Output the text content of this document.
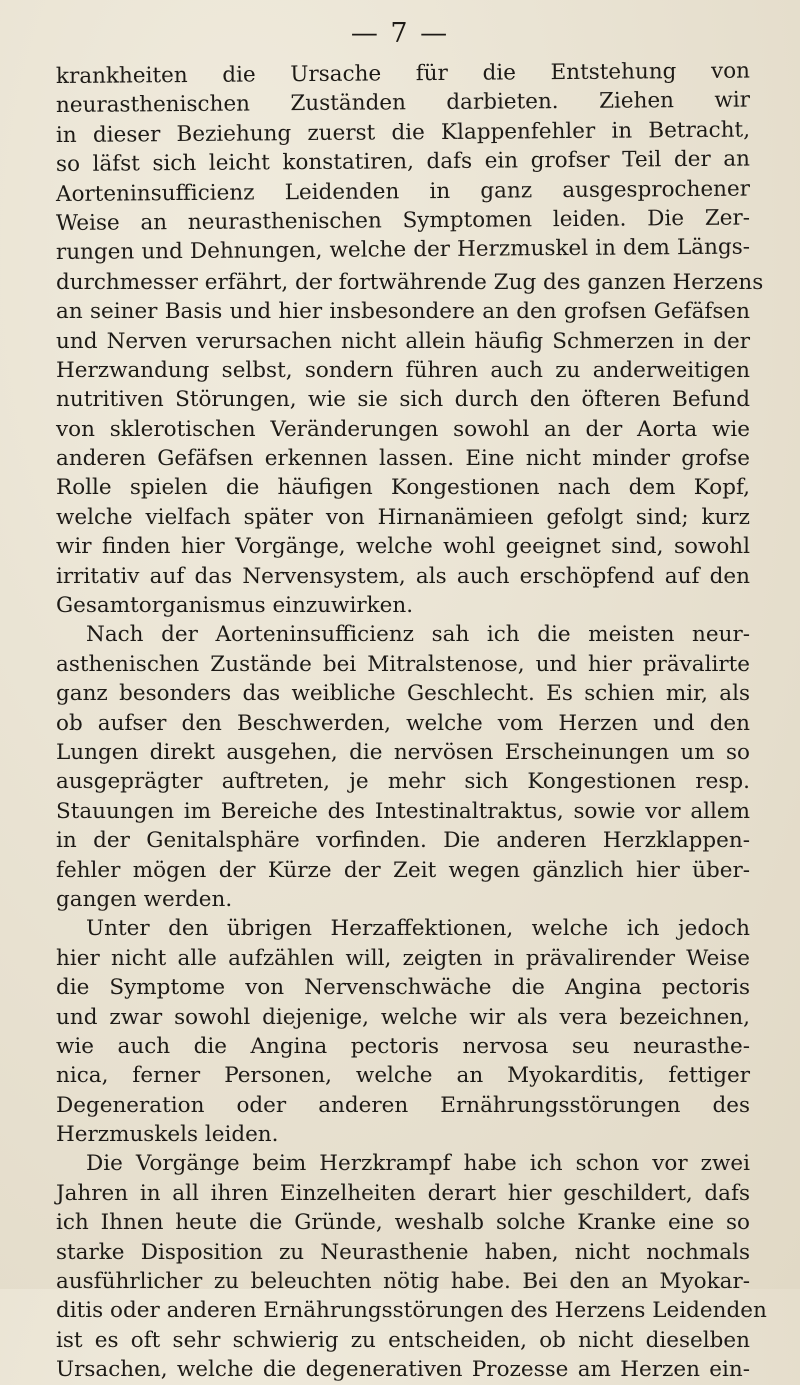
— 7 —
krankheiten die Ursache für die Entstehung von
neurasthenischen Zuständen darbieten. Ziehen wir
in dieser Beziehung zuerst die Klappenfehler in Betracht,
so läfst sich leicht konstatiren, dafs ein grofser Teil der an
Aorteninsufficienz Leidenden in ganz ausgesprochener
Weise an neurasthenischen Symptomen leiden. Die Zer-
rungen und Dehnungen, welche der Herzmuskel in dem Längs-
durchmesser erfährt, der fortwährende Zug des ganzen Herzens
an seiner Basis und hier insbesondere an den grofsen Gefäfsen
und Nerven verursachen nicht allein häufig Schmerzen in der
Herzwandung selbst, sondern führen auch zu anderweitigen
nutritiven Störungen, wie sie sich durch den öfteren Befund
von sklerotischen Veränderungen sowohl an der Aorta wie
anderen Gefäfsen erkennen lassen. Eine nicht minder grofse
Rolle spielen die häufigen Kongestionen nach dem Kopf,
welche vielfach später von Hirnanämieen gefolgt sind; kurz
wir finden hier Vorgänge, welche wohl geeignet sind, sowohl
irritativ auf das Nervensystem, als auch erschöpfend auf den
Gesamtorganismus einzuwirken.
Nach der Aorteninsufficienz sah ich die meisten neur-
asthenischen Zustände bei Mitralstenose, und hier prävalirte
ganz besonders das weibliche Geschlecht. Es schien mir, als
ob aufser den Beschwerden, welche vom Herzen und den
Lungen direkt ausgehen, die nervösen Erscheinungen um so
ausgeprägter auftreten, je mehr sich Kongestionen resp.
Stauungen im Bereiche des Intestinaltraktus, sowie vor allem
in der Genitalsphäre vorfinden. Die anderen Herzklappen-
fehler mögen der Kürze der Zeit wegen gänzlich hier über-
gangen werden.
Unter den übrigen Herzaffektionen, welche ich jedoch
hier nicht alle aufzählen will, zeigten in prävalirender Weise
die Symptome von Nervenschwäche die Angina pectoris
und zwar sowohl diejenige, welche wir als vera bezeichnen,
wie auch die Angina pectoris nervosa seu neurasthe-
nica, ferner Personen, welche an Myokarditis, fettiger
Degeneration oder anderen Ernährungsstörungen des
Herzmuskels leiden.
Die Vorgänge beim Herzkrampf habe ich schon vor zwei
Jahren in all ihren Einzelheiten derart hier geschildert, dafs
ich Ihnen heute die Gründe, weshalb solche Kranke eine so
starke Disposition zu Neurasthenie haben, nicht nochmals
ausführlicher zu beleuchten nötig habe. Bei den an Myokar-
ditis oder anderen Ernährungsstörungen des Herzens Leidenden
ist es oft sehr schwierig zu entscheiden, ob nicht dieselben
Ursachen, welche die degenerativen Prozesse am Herzen ein-
